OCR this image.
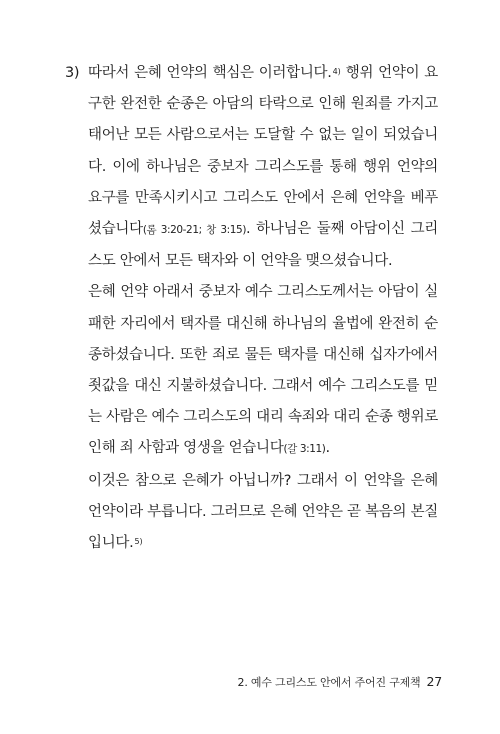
3) 따라서 은혜 언약의 핵심은 이러합니다.$^{4)}$ 행위 언약이 요구한 완전한 순종은 아담의 타락으로 인해 원죄를 가지고 태어난 모든 사람으로서는 도달할 수 없는 일이 되었습니다. 이에 하나님은 중보자 그리스도를 통해 행위 언약의 요구를 만족시키시고 그리스도 안에서 은혜 언약을 베푸셨습니다(롬 3:20-21; 창 3:15). 하나님은 둘째 아담이신 그리스도 안에서 모든 택자와 이 언약을 맺으셨습니다.

은혜 언약 아래서 중보자 예수 그리스도께서는 아담이 실패한 자리에서 택자를 대신해 하나님의 율법에 완전히 순종하셨습니다. 또한 죄로 물든 택자를 대신해 십자가에서 죗값을 대신 지불하셨습니다. 그래서 예수 그리스도를 믿는 사람은 예수 그리스도의 대리 속죄와 대리 순종 행위로 인해 죄 사함과 영생을 얻습니다(갈 3:11).

이것은 참으로 은혜가 아닙니까? 그래서 이 언약을 은혜 언약이라 부릅니다. 그러므로 은혜 언약은 곧 복음의 본질입니다.$^{5)}$

2. 예수 그리스도 안에서 주어진 구제책 27
